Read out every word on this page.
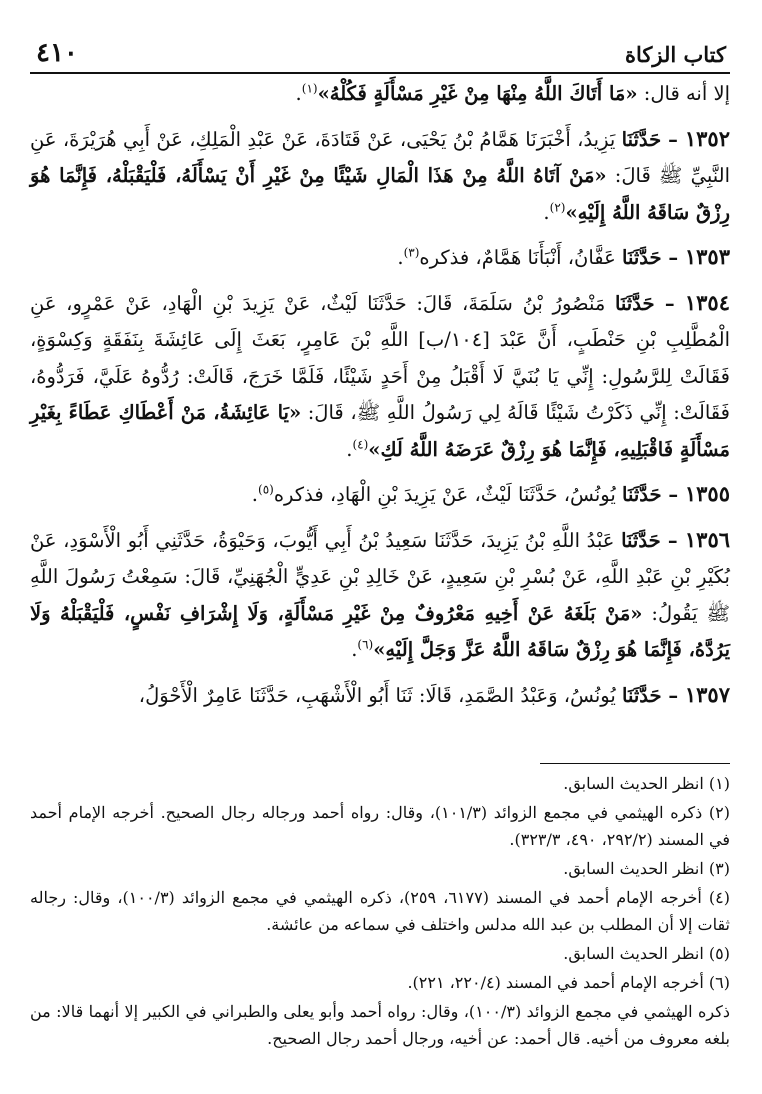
كتاب الزكاة
٤١٠

إلا أنه قال: «مَا أَتَاكَ اللَّهُ مِنْهَا مِنْ غَيْرِ مَسْأَلَةٍ فَكُلْهُ»$^{(١)}$.

١٣٥٢ – حَدَّثَنَا يَزِيدُ، أَخْبَرَنَا هَمَّامُ بْنُ يَحْيَى، عَنْ قَتَادَةَ، عَنْ عَبْدِ الْمَلِكِ، عَنْ أَبِي هُرَيْرَةَ، عَنِ النَّبِيِّ ﷺ قَالَ: «مَنْ آتَاهُ اللَّهُ مِنْ هَذَا الْمَالِ شَيْئًا مِنْ غَيْرِ أَنْ يَسْأَلَهُ، فَلْيَقْبَلْهُ، فَإِنَّمَا هُوَ رِزْقٌ سَاقَهُ اللَّهُ إِلَيْهِ»$^{(٢)}$.

١٣٥٣ – حَدَّثَنَا عَفَّانُ، أَنْبَأَنَا هَمَّامٌ، فذكره$^{(٣)}$.

١٣٥٤ – حَدَّثَنَا مَنْصُورُ بْنُ سَلَمَةَ، قَالَ: حَدَّثَنَا لَيْثٌ، عَنْ يَزِيدَ بْنِ الْهَادِ، عَنْ عَمْرٍو، عَنِ الْمُطَّلِبِ بْنِ حَنْطَبٍ، أَنَّ عَبْدَ [١٠٤/ب] اللَّهِ بْنَ عَامِرٍ، بَعَثَ إِلَى عَائِشَةَ بِنَفَقَةٍ وَكِسْوَةٍ، فَقَالَتْ لِلرَّسُولِ: إِنِّي يَا بُنَيَّ لَا أَقْبَلُ مِنْ أَحَدٍ شَيْئًا، فَلَمَّا خَرَجَ، قَالَتْ: رُدُّوهُ عَلَيَّ، فَرَدُّوهُ، فَقَالَتْ: إِنِّي ذَكَرْتُ شَيْئًا قَالَهُ لِي رَسُولُ اللَّهِ ﷺ، قَالَ: «يَا عَائِشَةُ، مَنْ أَعْطَاكِ عَطَاءً بِغَيْرِ مَسْأَلَةٍ فَاقْبَلِيهِ، فَإِنَّمَا هُوَ رِزْقٌ عَرَضَهُ اللَّهُ لَكِ»$^{(٤)}$.

١٣٥٥ – حَدَّثَنَا يُونُسُ، حَدَّثَنَا لَيْثٌ، عَنْ يَزِيدَ بْنِ الْهَادِ، فذكره$^{(٥)}$.

١٣٥٦ – حَدَّثَنَا عَبْدُ اللَّهِ بْنُ يَزِيدَ، حَدَّثَنَا سَعِيدُ بْنُ أَبِي أَيُّوبَ، وَحَيْوَةُ، حَدَّثَنِي أَبُو الْأَسْوَدِ، عَنْ بُكَيْرِ بْنِ عَبْدِ اللَّهِ، عَنْ بُسْرِ بْنِ سَعِيدٍ، عَنْ خَالِدِ بْنِ عَدِيٍّ الْجُهَنِيِّ، قَالَ: سَمِعْتُ رَسُولَ اللَّهِ ﷺ يَقُولُ: «مَنْ بَلَغَهُ عَنْ أَخِيهِ مَعْرُوفٌ مِنْ غَيْرِ مَسْأَلَةٍ، وَلَا إِشْرَافِ نَفْسٍ، فَلْيَقْبَلْهُ وَلَا يَرُدَّهُ، فَإِنَّمَا هُوَ رِزْقٌ سَاقَهُ اللَّهُ عَزَّ وَجَلَّ إِلَيْهِ»$^{(٦)}$.

١٣٥٧ – حَدَّثَنَا يُونُسُ، وَعَبْدُ الصَّمَدِ، قَالَا: ثَنَا أَبُو الْأَشْهَبِ، حَدَّثَنَا عَامِرٌ الْأَحْوَلُ،

(١) انظر الحديث السابق.

(٢) ذكره الهيثمي في مجمع الزوائد (١٠١/٣)، وقال: رواه أحمد ورجاله رجال الصحيح. أخرجه الإمام أحمد في المسند (٢٩٢/٢، ٤٩٠، ٣٢٣/٣).

(٣) انظر الحديث السابق.

(٤) أخرجه الإمام أحمد في المسند (٦١٧٧، ٢٥٩)، ذكره الهيثمي في مجمع الزوائد (١٠٠/٣)، وقال: رجاله ثقات إلا أن المطلب بن عبد الله مدلس واختلف في سماعه من عائشة.

(٥) انظر الحديث السابق.

(٦) أخرجه الإمام أحمد في المسند (٢٢٠/٤، ٢٢١).

ذكره الهيثمي في مجمع الزوائد (١٠٠/٣)، وقال: رواه أحمد وأبو يعلى والطبراني في الكبير إلا أنهما قالا: من بلغه معروف من أخيه. قال أحمد: عن أخيه، ورجال أحمد رجال الصحيح.
